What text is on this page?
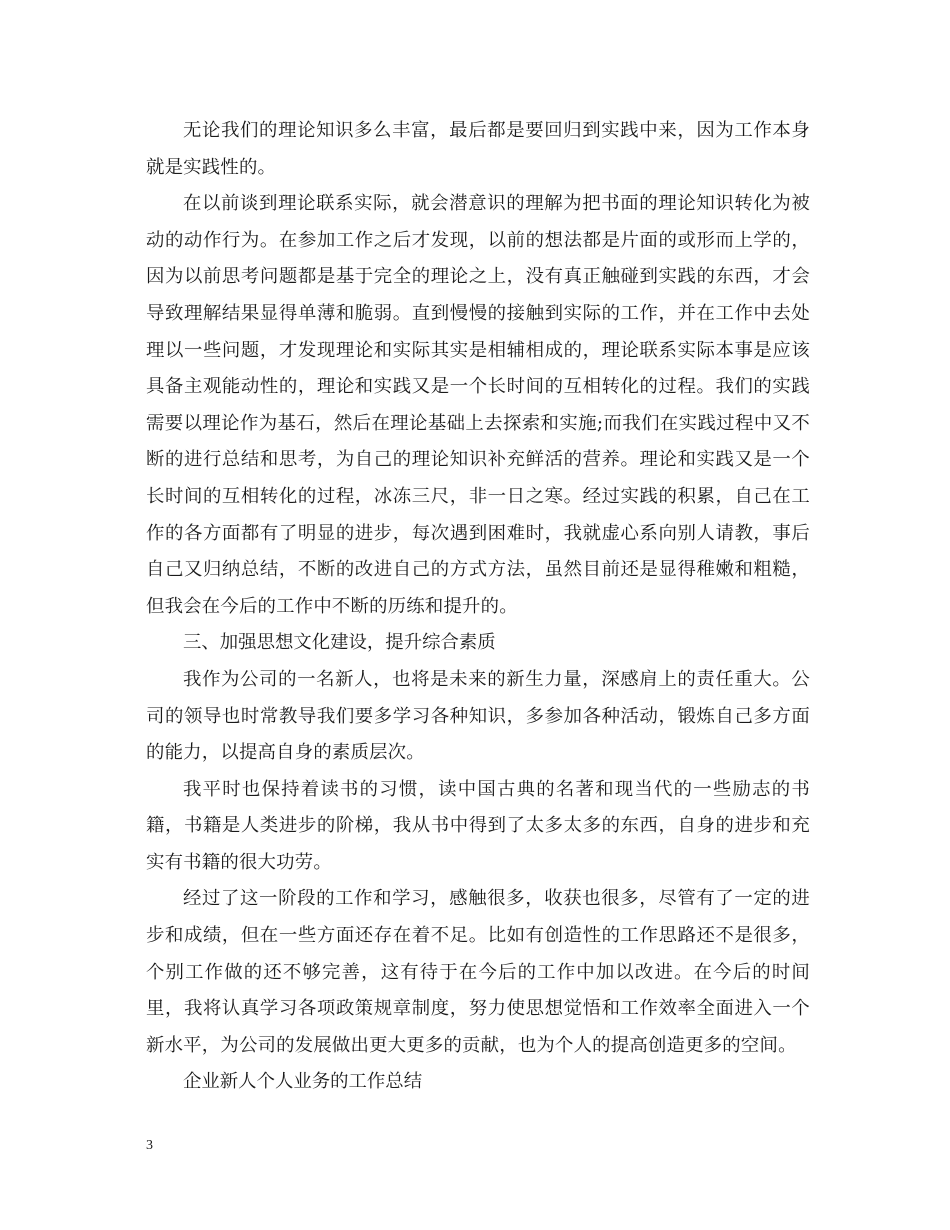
无论我们的理论知识多么丰富，最后都是要回归到实践中来，因为工作本身就是实践性的。

在以前谈到理论联系实际，就会潜意识的理解为把书面的理论知识转化为被动的动作行为。在参加工作之后才发现，以前的想法都是片面的或形而上学的，因为以前思考问题都是基于完全的理论之上，没有真正触碰到实践的东西，才会导致理解结果显得单薄和脆弱。直到慢慢的接触到实际的工作，并在工作中去处理以一些问题，才发现理论和实际其实是相辅相成的，理论联系实际本事是应该具备主观能动性的，理论和实践又是一个长时间的互相转化的过程。我们的实践需要以理论作为基石，然后在理论基础上去探索和实施;而我们在实践过程中又不断的进行总结和思考，为自己的理论知识补充鲜活的营养。理论和实践又是一个长时间的互相转化的过程，冰冻三尺，非一日之寒。经过实践的积累，自己在工作的各方面都有了明显的进步，每次遇到困难时，我就虚心系向别人请教，事后自己又归纳总结，不断的改进自己的方式方法，虽然目前还是显得稚嫩和粗糙，但我会在今后的工作中不断的历练和提升的。

三、加强思想文化建设，提升综合素质

我作为公司的一名新人，也将是未来的新生力量，深感肩上的责任重大。公司的领导也时常教导我们要多学习各种知识，多参加各种活动，锻炼自己多方面的能力，以提高自身的素质层次。

我平时也保持着读书的习惯，读中国古典的名著和现当代的一些励志的书籍，书籍是人类进步的阶梯，我从书中得到了太多太多的东西，自身的进步和充实有书籍的很大功劳。

经过了这一阶段的工作和学习，感触很多，收获也很多，尽管有了一定的进步和成绩，但在一些方面还存在着不足。比如有创造性的工作思路还不是很多，个别工作做的还不够完善，这有待于在今后的工作中加以改进。在今后的时间里，我将认真学习各项政策规章制度，努力使思想觉悟和工作效率全面进入一个新水平，为公司的发展做出更大更多的贡献，也为个人的提高创造更多的空间。

企业新人个人业务的工作总结

3
